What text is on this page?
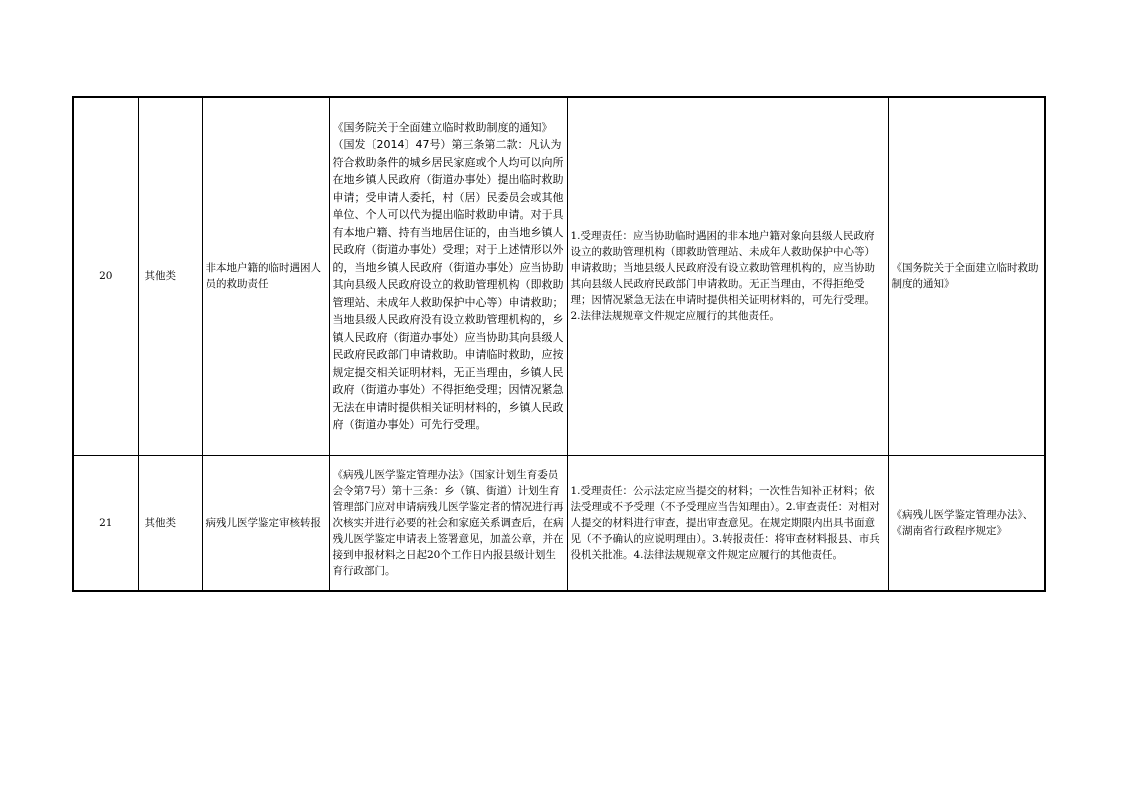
20	其他类	非本地户籍的临时遇困人员的救助责任	《国务院关于全面建立临时救助制度的通知》（国发〔2014〕47号）第三条第二款：凡认为符合救助条件的城乡居民家庭或个人均可以向所在地乡镇人民政府（街道办事处）提出临时救助申请；受申请人委托，村（居）民委员会或其他单位、个人可以代为提出临时救助申请。对于具有本地户籍、持有当地居住证的，由当地乡镇人民政府（街道办事处）受理；对于上述情形以外的，当地乡镇人民政府（街道办事处）应当协助其向县级人民政府设立的救助管理机构（即救助管理站、未成年人救助保护中心等）申请救助；当地县级人民政府没有设立救助管理机构的，乡镇人民政府（街道办事处）应当协助其向县级人民政府民政部门申请救助。申请临时救助，应按规定提交相关证明材料，无正当理由，乡镇人民政府（街道办事处）不得拒绝受理；因情况紧急无法在申请时提供相关证明材料的，乡镇人民政府（街道办事处）可先行受理。	1.受理责任：应当协助临时遇困的非本地户籍对象向县级人民政府设立的救助管理机构（即救助管理站、未成年人救助保护中心等）申请救助；当地县级人民政府没有设立救助管理机构的，应当协助其向县级人民政府民政部门申请救助。无正当理由，不得拒绝受理；因情况紧急无法在申请时提供相关证明材料的，可先行受理。2.法律法规规章文件规定应履行的其他责任。	《国务院关于全面建立临时救助制度的通知》
21	其他类	病残儿医学鉴定审核转报	《病残儿医学鉴定管理办法》（国家计划生育委员会令第7号）第十三条：乡（镇、街道）计划生育管理部门应对申请病残儿医学鉴定者的情况进行再次核实并进行必要的社会和家庭关系调查后，在病残儿医学鉴定申请表上签署意见，加盖公章，并在接到申报材料之日起20个工作日内报县级计划生育行政部门。	1.受理责任：公示法定应当提交的材料；一次性告知补正材料；依法受理或不予受理（不予受理应当告知理由）。2.审查责任：对相对人提交的材料进行审查，提出审查意见。在规定期限内出具书面意见（不予确认的应说明理由）。3.转报责任：将审查材料报县、市兵役机关批准。4.法律法规规章文件规定应履行的其他责任。	《病残儿医学鉴定管理办法》、《湖南省行政程序规定》
